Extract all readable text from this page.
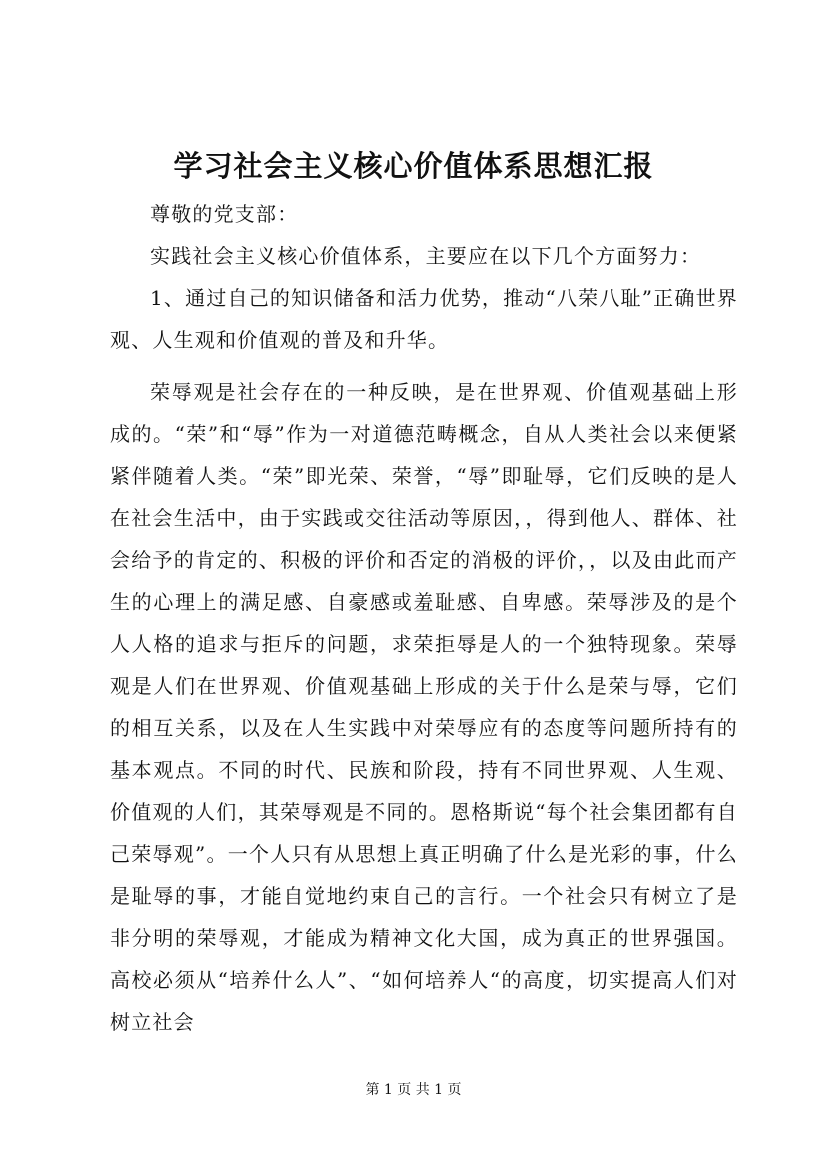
学习社会主义核心价值体系思想汇报

尊敬的党支部：

实践社会主义核心价值体系，主要应在以下几个方面努力：

1、通过自己的知识储备和活力优势，推动“八荣八耻”正确世界观、人生观和价值观的普及和升华。

荣辱观是社会存在的一种反映，是在世界观、价值观基础上形成的。“荣”和“辱”作为一对道德范畴概念，自从人类社会以来便紧紧伴随着人类。“荣”即光荣、荣誉，“辱”即耻辱，它们反映的是人在社会生活中，由于实践或交往活动等原因，，得到他人、群体、社会给予的肯定的、积极的评价和否定的消极的评价，，以及由此而产生的心理上的满足感、自豪感或羞耻感、自卑感。荣辱涉及的是个人人格的追求与拒斥的问题，求荣拒辱是人的一个独特现象。荣辱观是人们在世界观、价值观基础上形成的关于什么是荣与辱，它们的相互关系，以及在人生实践中对荣辱应有的态度等问题所持有的基本观点。不同的时代、民族和阶段，持有不同世界观、人生观、价值观的人们，其荣辱观是不同的。恩格斯说“每个社会集团都有自己荣辱观”。一个人只有从思想上真正明确了什么是光彩的事，什么是耻辱的事，才能自觉地约束自己的言行。一个社会只有树立了是非分明的荣辱观，才能成为精神文化大国，成为真正的世界强国。高校必须从“培养什么人”、“如何培养人“的高度，切实提高人们对树立社会

第 1 页 共 1 页
